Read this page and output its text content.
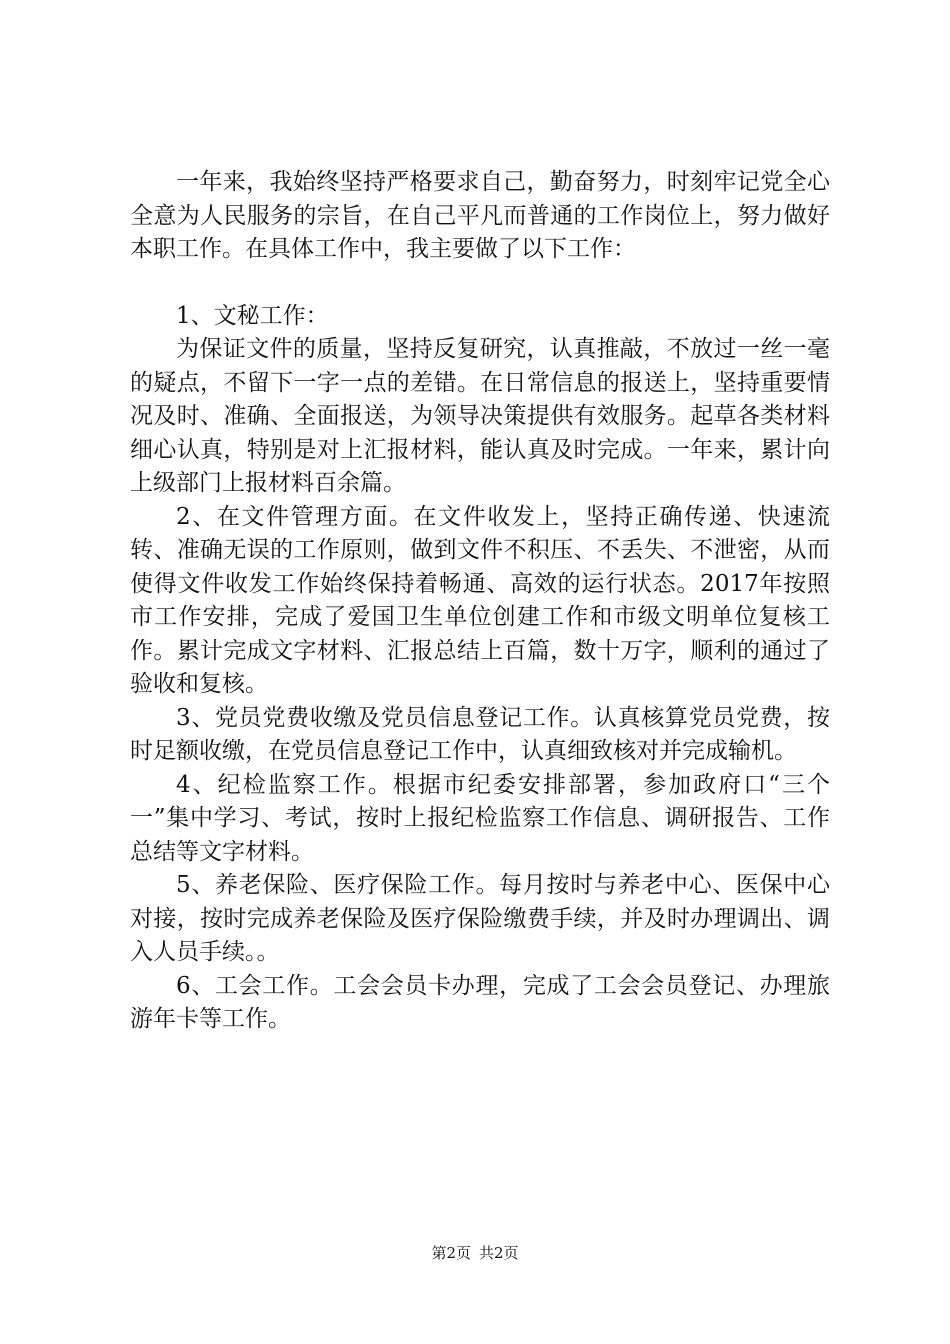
一年来，我始终坚持严格要求自己，勤奋努力，时刻牢记党全心全意为人民服务的宗旨，在自己平凡而普通的工作岗位上，努力做好本职工作。在具体工作中，我主要做了以下工作：

1、文秘工作：

为保证文件的质量，坚持反复研究，认真推敲，不放过一丝一毫的疑点，不留下一字一点的差错。在日常信息的报送上，坚持重要情况及时、准确、全面报送，为领导决策提供有效服务。起草各类材料细心认真，特别是对上汇报材料，能认真及时完成。一年来，累计向上级部门上报材料百余篇。

2、在文件管理方面。在文件收发上，坚持正确传递、快速流转、准确无误的工作原则，做到文件不积压、不丢失、不泄密，从而使得文件收发工作始终保持着畅通、高效的运行状态。2017年按照市工作安排，完成了爱国卫生单位创建工作和市级文明单位复核工作。累计完成文字材料、汇报总结上百篇，数十万字，顺利的通过了验收和复核。

3、党员党费收缴及党员信息登记工作。认真核算党员党费，按时足额收缴，在党员信息登记工作中，认真细致核对并完成输机。

4、纪检监察工作。根据市纪委安排部署，参加政府口“三个一”集中学习、考试，按时上报纪检监察工作信息、调研报告、工作总结等文字材料。

5、养老保险、医疗保险工作。每月按时与养老中心、医保中心对接，按时完成养老保险及医疗保险缴费手续，并及时办理调出、调入人员手续。。

6、工会工作。工会会员卡办理，完成了工会会员登记、办理旅游年卡等工作。

第2页 共2页
